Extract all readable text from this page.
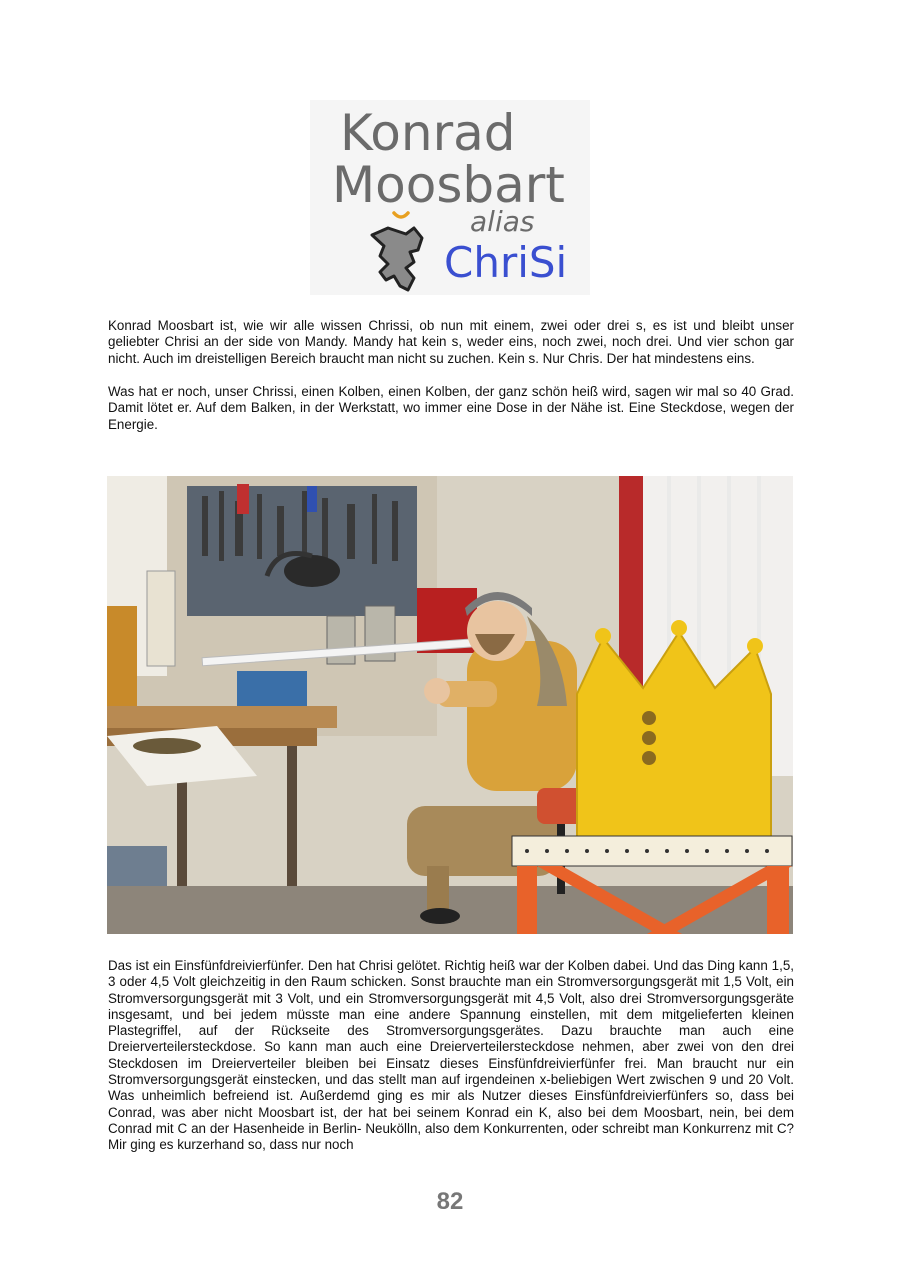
Konrad
Moosbart
alias
ChriSi

Konrad Moosbart ist, wie wir alle wissen Chrissi, ob nun mit einem, zwei oder drei s, es ist und bleibt unser geliebter Chrisi an der side von Mandy. Mandy hat kein s, weder eins, noch zwei, noch drei. Und vier schon gar nicht. Auch im dreistelligen Bereich braucht man nicht su zuchen. Kein s. Nur Chris. Der hat mindestens eins.

Was hat er noch, unser Chrissi, einen Kolben, einen Kolben, der ganz schön heiß wird, sagen wir mal so 40 Grad. Damit lötet er. Auf dem Balken, in der Werkstatt, wo immer eine Dose in der Nähe ist. Eine Steckdose, wegen der Energie.

Das ist ein Einsfünfdreivierfünfer. Den hat Chrisi gelötet. Richtig heiß war der Kolben dabei. Und das Ding kann 1,5, 3 oder 4,5 Volt gleichzeitig in den Raum schicken. Sonst brauchte man ein Stromversorgungsgerät mit 1,5 Volt, ein Stromversorgungsgerät mit 3 Volt, und ein Stromversorgungsgerät mit 4,5 Volt, also drei Stromversorgungsgeräte insgesamt, und bei jedem müsste man eine andere Spannung einstellen, mit dem mitgelieferten kleinen Plastegriffel, auf der Rückseite des Stromversorgungsgerätes. Dazu brauchte man auch eine Dreierverteilersteckdose. So kann man auch eine Dreierverteilersteckdose nehmen, aber zwei von den drei Steckdosen im Dreierverteiler bleiben bei Einsatz dieses Einsfünfdreivierfünfer frei. Man braucht nur ein Stromversorgungsgerät einstecken, und das stellt man auf irgendeinen x-beliebigen Wert zwischen 9 und 20 Volt. Was unheimlich befreiend ist. Außerdemd ging es mir als Nutzer dieses Einsfünfdreivierfünfers so, dass bei Conrad, was aber nicht Moosbart ist, der hat bei seinem Konrad ein K, also bei dem Moosbart, nein, bei dem Conrad mit C an der Hasenheide in Berlin- Neukölln, also dem Konkurrenten, oder schreibt man Konkurrenz mit C? Mir ging es kurzerhand so, dass nur noch

82
